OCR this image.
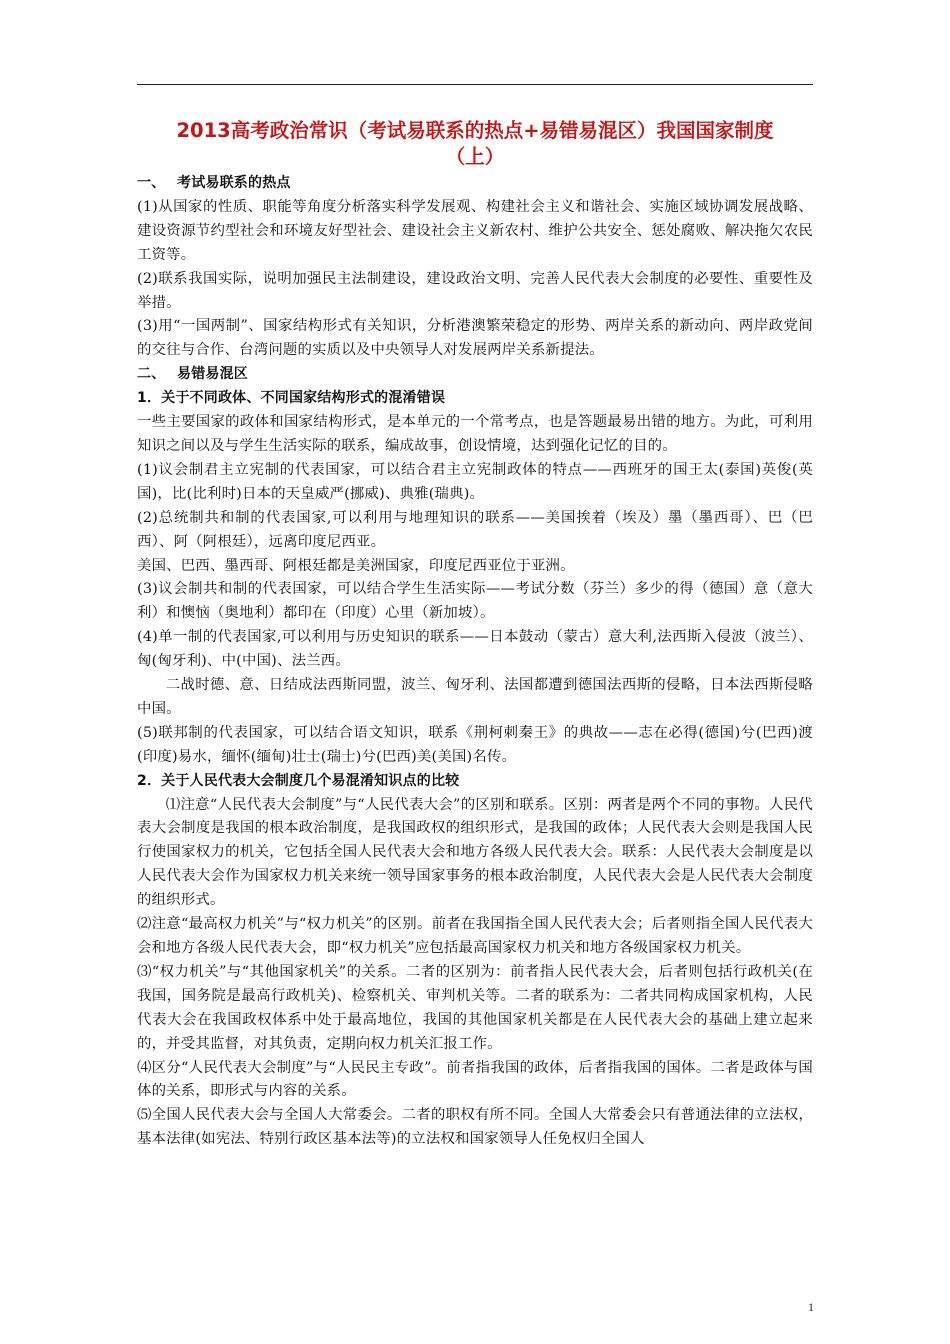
2013高考政治常识（考试易联系的热点+易错易混区）我国国家制度
（上）
一、 考试易联系的热点

(1)从国家的性质、职能等角度分析落实科学发展观、构建社会主义和谐社会、实施区域协调发展战略、建设资源节约型社会和环境友好型社会、建设社会主义新农村、维护公共安全、惩处腐败、解决拖欠农民工资等。

(2)联系我国实际，说明加强民主法制建设，建设政治文明、完善人民代表大会制度的必要性、重要性及举措。

(3)用“一国两制”、国家结构形式有关知识，分析港澳繁荣稳定的形势、两岸关系的新动向、两岸政党间的交往与合作、台湾问题的实质以及中央领导人对发展两岸关系新提法。

二、 易错易混区
1．关于不同政体、不同国家结构形式的混淆错误

一些主要国家的政体和国家结构形式，是本单元的一个常考点，也是答题最易出错的地方。为此，可利用知识之间以及与学生生活实际的联系，编成故事，创设情境，达到强化记忆的目的。

(1)议会制君主立宪制的代表国家，可以结合君主立宪制政体的特点——西班牙的国王太(泰国)英俊(英国)，比(比利时)日本的天皇威严(挪威)、典雅(瑞典)。

(2)总统制共和制的代表国家,可以利用与地理知识的联系——美国挨着（埃及）墨（墨西哥）、巴（巴西）、阿（阿根廷），远离印度尼西亚。

美国、巴西、墨西哥、阿根廷都是美洲国家，印度尼西亚位于亚洲。

(3)议会制共和制的代表国家，可以结合学生生活实际——考试分数（芬兰）多少的得（德国）意（意大利）和懊恼（奥地利）都印在（印度）心里（新加坡）。

(4)单一制的代表国家,可以利用与历史知识的联系——日本鼓动（蒙古）意大利,法西斯入侵波（波兰）、匈(匈牙利)、中(中国)、法兰西。

二战时德、意、日结成法西斯同盟，波兰、匈牙利、法国都遭到德国法西斯的侵略，日本法西斯侵略中国。

(5)联邦制的代表国家，可以结合语文知识，联系《荆柯刺秦王》的典故——志在必得(德国)兮(巴西)渡(印度)易水，缅怀(缅甸)壮士(瑞士)兮(巴西)美(美国)名传。

2．关于人民代表大会制度几个易混淆知识点的比较

⑴注意“人民代表大会制度”与“人民代表大会”的区别和联系。区别：两者是两个不同的事物。人民代表大会制度是我国的根本政治制度，是我国政权的组织形式，是我国的政体；人民代表大会则是我国人民行使国家权力的机关，它包括全国人民代表大会和地方各级人民代表大会。联系：人民代表大会制度是以人民代表大会作为国家权力机关来统一领导国家事务的根本政治制度，人民代表大会是人民代表大会制度的组织形式。

⑵注意“最高权力机关”与“权力机关”的区别。前者在我国指全国人民代表大会；后者则指全国人民代表大会和地方各级人民代表大会，即“权力机关”应包括最高国家权力机关和地方各级国家权力机关。

⑶“权力机关”与“其他国家机关”的关系。二者的区别为：前者指人民代表大会，后者则包括行政机关(在我国，国务院是最高行政机关)、检察机关、审判机关等。二者的联系为：二者共同构成国家机构，人民代表大会在我国政权体系中处于最高地位，我国的其他国家机关都是在人民代表大会的基础上建立起来的，并受其监督，对其负责，定期向权力机关汇报工作。

⑷区分“人民代表大会制度”与“人民民主专政”。前者指我国的政体，后者指我国的国体。二者是政体与国体的关系，即形式与内容的关系。

⑸全国人民代表大会与全国人大常委会。二者的职权有所不同。全国人大常委会只有普通法律的立法权，基本法律(如宪法、特别行政区基本法等)的立法权和国家领导人任免权归全国人

1
